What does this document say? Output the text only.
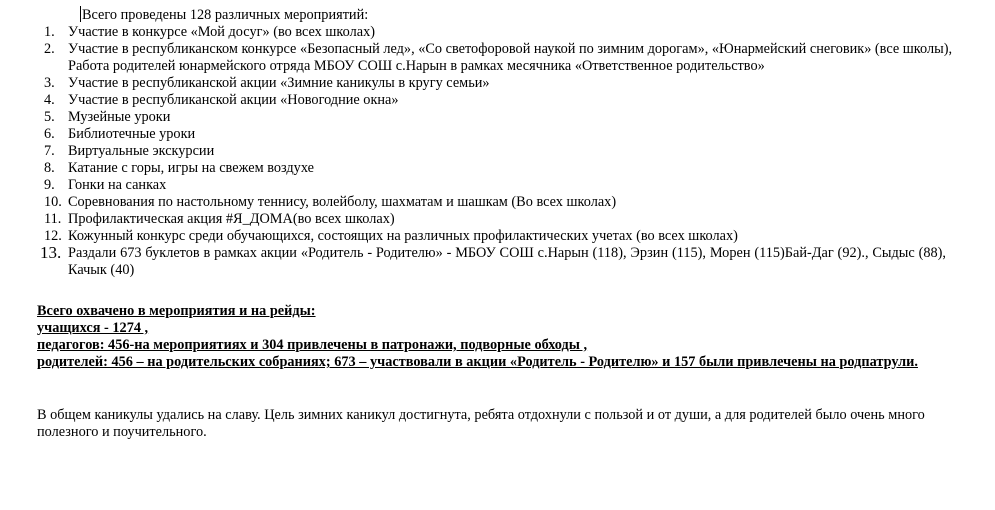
Всего проведены 128 различных мероприятий:
1. Участие в конкурсе «Мой досуг» (во всех школах)
2. Участие в республиканском конкурсе «Безопасный лед», «Со светофоровой наукой по зимним дорогам», «Юнармейский снеговик» (все школы), Работа родителей юнармейского отряда МБОУ СОШ с.Нарын в рамках месячника «Ответственное родительство»
3. Участие в республиканской акции «Зимние каникулы в кругу семьи»
4. Участие в республиканской акции «Новогодние окна»
5. Музейные уроки
6. Библиотечные уроки
7. Виртуальные экскурсии
8. Катание с горы, игры на свежем воздухе
9. Гонки на санках
10. Соревнования по настольному теннису, волейболу, шахматам и шашкам (Во всех школах)
11. Профилактическая акция #Я_ДОМА(во всех школах)
12. Кожунный конкурс среди обучающихся, состоящих на различных профилактических учетах (во всех школах)
13. Раздали 673 буклетов в рамках акции «Родитель - Родителю» - МБОУ СОШ с.Нарын (118), Эрзин (115), Морен (115)Бай-Даг (92)., Сыдыс (88), Качык (40)
Всего охвачено в мероприятия и на рейды:
учащихся - 1274 ,
педагогов: 456-на мероприятиях и 304 привлечены в патронажи, подворные обходы ,
родителей: 456 – на родительских собраниях; 673 – участвовали в акции «Родитель - Родителю» и 157 были привлечены на родпатрули.
В общем каникулы удались на славу. Цель зимних каникул достигнута, ребята отдохнули с пользой и от души, а для родителей было очень много полезного и поучительного.
